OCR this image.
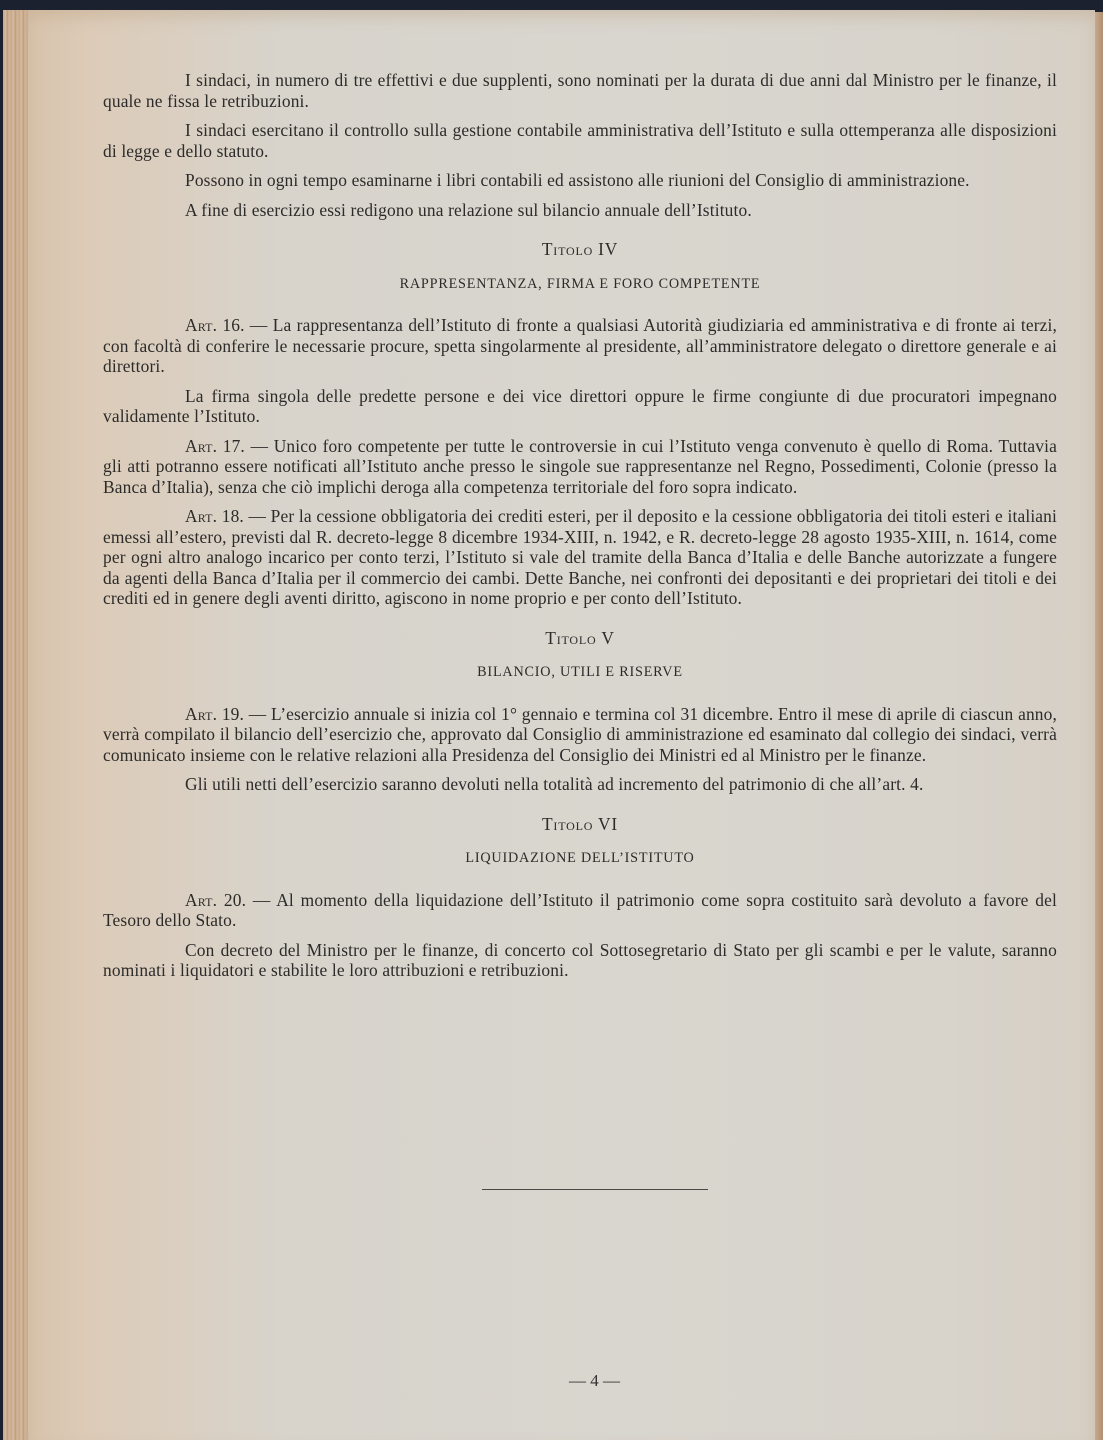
I sindaci, in numero di tre effettivi e due supplenti, sono nominati per la durata di due anni dal Ministro per le finanze, il quale ne fissa le retribuzioni.

I sindaci esercitano il controllo sulla gestione contabile amministrativa dell’Istituto e sulla ottemperanza alle disposizioni di legge e dello statuto.

Possono in ogni tempo esaminarne i libri contabili ed assistono alle riunioni del Consiglio di amministrazione.

A fine di esercizio essi redigono una relazione sul bilancio annuale dell’Istituto.

Titolo IV
RAPPRESENTANZA, FIRMA E FORO COMPETENTE

Art. 16. — La rappresentanza dell’Istituto di fronte a qualsiasi Autorità giudiziaria ed amministrativa e di fronte ai terzi, con facoltà di conferire le necessarie procure, spetta singolarmente al presidente, all’amministratore delegato o direttore generale e ai direttori.

La firma singola delle predette persone e dei vice direttori oppure le firme congiunte di due procuratori impegnano validamente l’Istituto.

Art. 17. — Unico foro competente per tutte le controversie in cui l’Istituto venga convenuto è quello di Roma. Tuttavia gli atti potranno essere notificati all’Istituto anche presso le singole sue rappresentanze nel Regno, Possedimenti, Colonie (presso la Banca d’Italia), senza che ciò implichi deroga alla competenza territoriale del foro sopra indicato.

Art. 18. — Per la cessione obbligatoria dei crediti esteri, per il deposito e la cessione obbligatoria dei titoli esteri e italiani emessi all’estero, previsti dal R. decreto-legge 8 dicembre 1934-XIII, n. 1942, e R. decreto-legge 28 agosto 1935-XIII, n. 1614, come per ogni altro analogo incarico per conto terzi, l’Istituto si vale del tramite della Banca d’Italia e delle Banche autorizzate a fungere da agenti della Banca d’Italia per il commercio dei cambi. Dette Banche, nei confronti dei depositanti e dei proprietari dei titoli e dei crediti ed in genere degli aventi diritto, agiscono in nome proprio e per conto dell’Istituto.

Titolo V
BILANCIO, UTILI E RISERVE

Art. 19. — L’esercizio annuale si inizia col 1° gennaio e termina col 31 dicembre. Entro il mese di aprile di ciascun anno, verrà compilato il bilancio dell’esercizio che, approvato dal Consiglio di amministrazione ed esaminato dal collegio dei sindaci, verrà comunicato insieme con le relative relazioni alla Presidenza del Consiglio dei Ministri ed al Ministro per le finanze.

Gli utili netti dell’esercizio saranno devoluti nella totalità ad incremento del patrimonio di che all’art. 4.

Titolo VI
LIQUIDAZIONE DELL’ISTITUTO

Art. 20. — Al momento della liquidazione dell’Istituto il patrimonio come sopra costituito sarà devoluto a favore del Tesoro dello Stato.

Con decreto del Ministro per le finanze, di concerto col Sottosegretario di Stato per gli scambi e per le valute, saranno nominati i liquidatori e stabilite le loro attribuzioni e retribuzioni.

— 4 —
